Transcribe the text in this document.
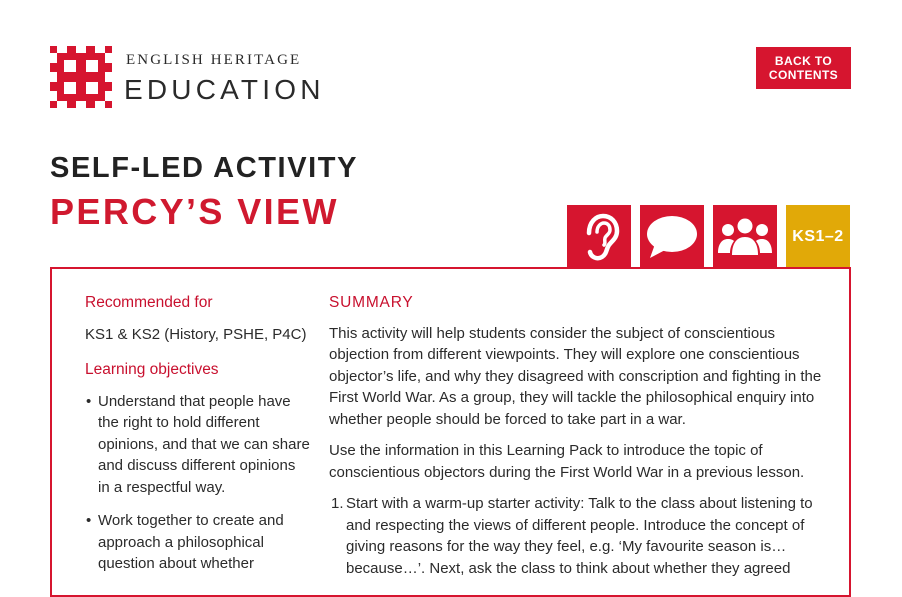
ENGLISH HERITAGE
EDUCATION
BACK TO
CONTENTS
SELF-LED ACTIVITY
PERCY’S VIEW
KS1–2

Recommended for

KS1 & KS2 (History, PSHE, P4C)

Learning objectives

• Understand that people have the right to hold different opinions, and that we can share and discuss different opinions in a respectful way.
• Work together to create and approach a philosophical question about whether

SUMMARY

This activity will help students consider the subject of conscientious objection from different viewpoints. They will explore one conscientious objector’s life, and why they disagreed with conscription and fighting in the First World War. As a group, they will tackle the philosophical enquiry into whether people should be forced to take part in a war.

Use the information in this Learning Pack to introduce the topic of conscientious objectors during the First World War in a previous lesson.

1. Start with a warm-up starter activity: Talk to the class about listening to and respecting the views of different people. Introduce the concept of giving reasons for the way they feel, e.g. ‘My favourite season is… because…’. Next, ask the class to think about whether they agreed
